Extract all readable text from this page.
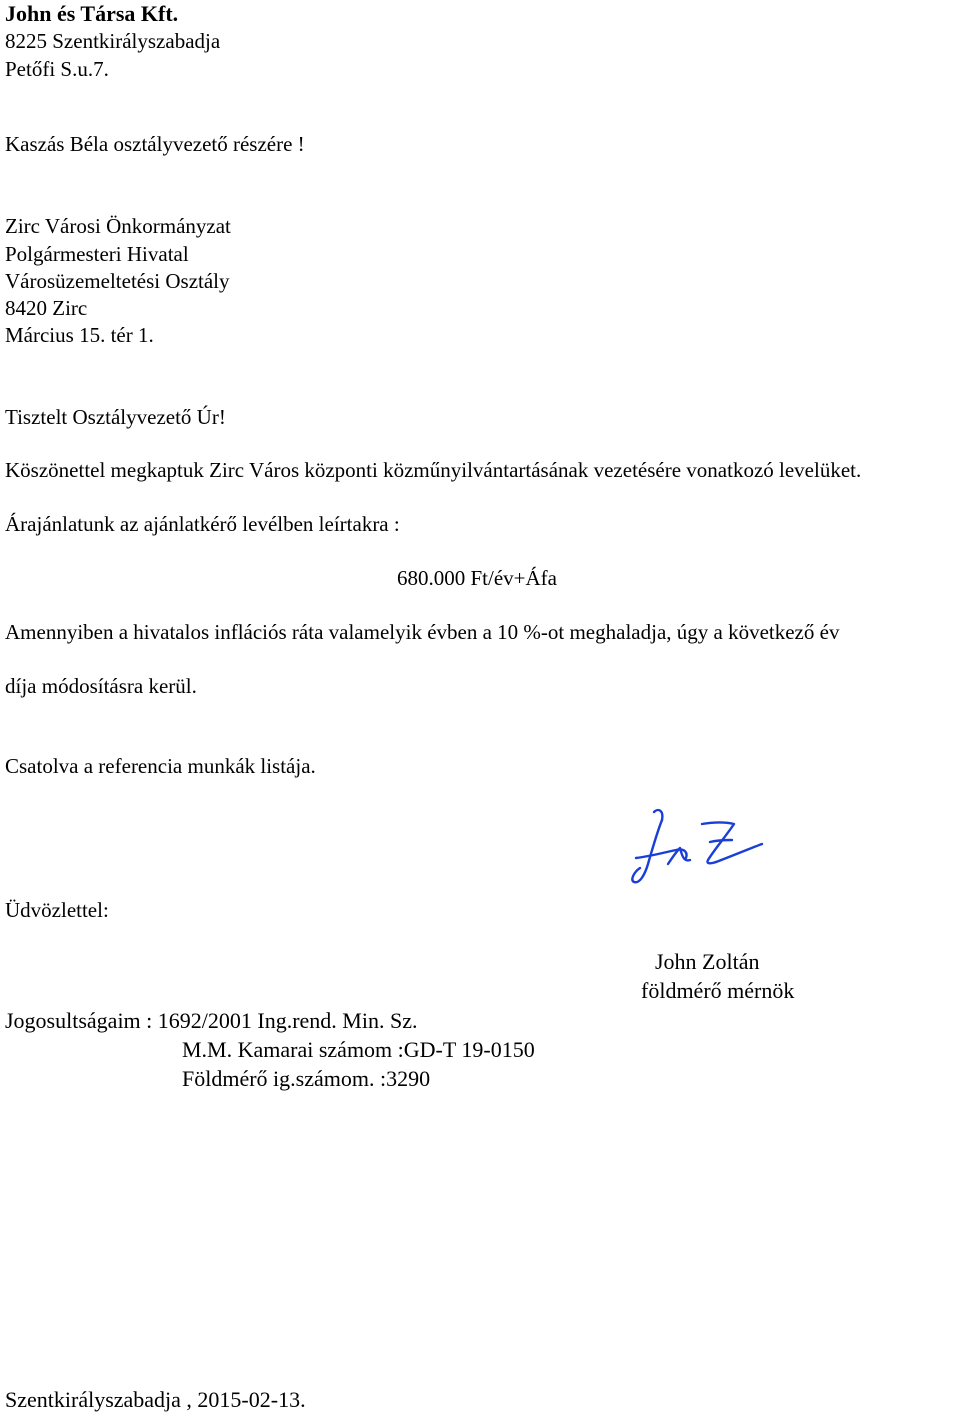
John és Társa Kft.
8225 Szentkirályszabadja
Petőfi S.u.7.
Kaszás Béla osztályvezető részére !
Zirc Városi Önkormányzat
Polgármesteri Hivatal
Városüzemeltetési Osztály
8420 Zirc
Március 15. tér 1.
Tisztelt Osztályvezető Úr!
Köszönettel megkaptuk Zirc Város központi közműnyilvántartásának vezetésére vonatkozó levelüket.
Árajánlatunk az ajánlatkérő levélben leírtakra :
680.000 Ft/év+Áfa
Amennyiben a hivatalos inflációs ráta valamelyik évben a 10 %-ot meghaladja, úgy a következő év
díja módosításra kerül.
Csatolva a referencia munkák listája.
Üdvözlettel:
John Zoltán
földmérő mérnök
Jogosultságaim : 1692/2001 Ing.rend. Min. Sz.
M.M. Kamarai számom :GD-T 19-0150
Földmérő ig.számom. :3290
Szentkirályszabadja , 2015-02-13.
